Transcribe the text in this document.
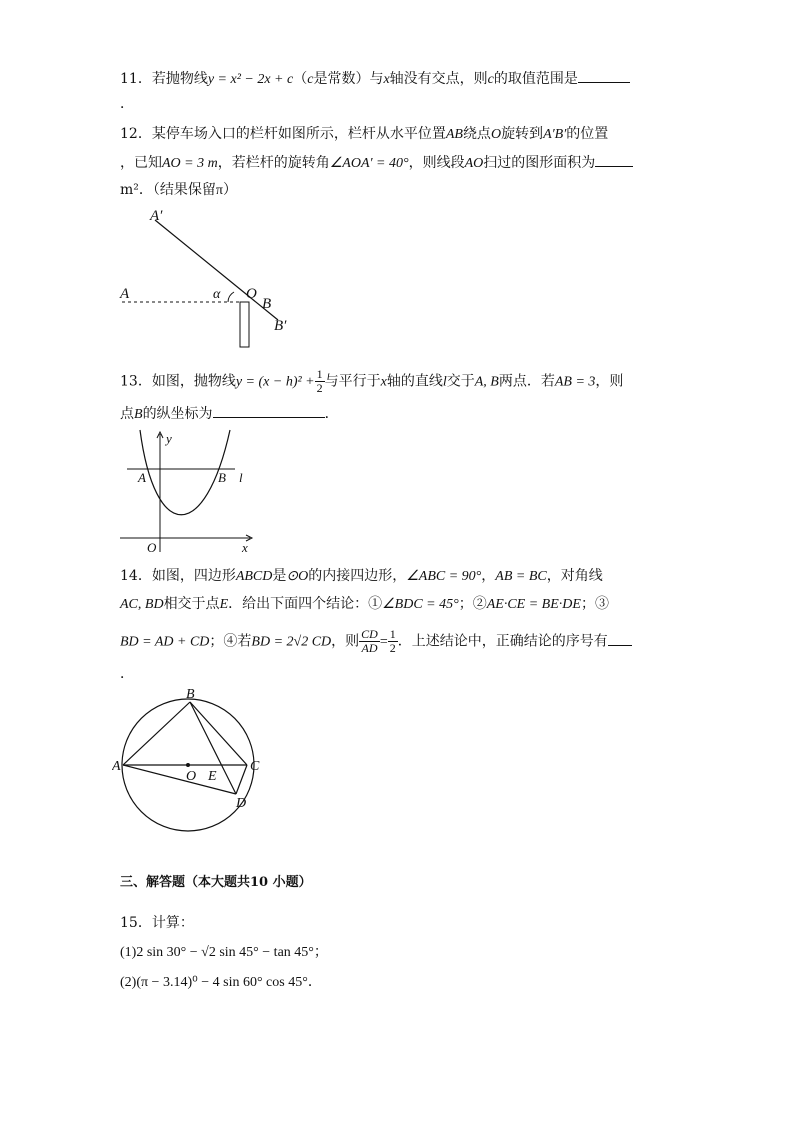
11．若抛物线y = x² − 2x + c（c是常数）与x轴没有交点，则c的取值范围是
．
12．某停车场入口的栏杆如图所示，栏杆从水平位置AB绕点O旋转到A′B′的位置
，已知AO = 3 m，若栏杆的旋转角∠AOA′ = 40°，则线段AO扫过的图形面积为
m²．（结果保留π）
A′
A	α O
B
B′
13．如图，抛物线$y = (x - h)^2 + \frac{1}{2}$ 与平行于x轴的直线l交于A, B两点．若AB = 3，则
点B的纵坐标为	．
y
A	B l
O	x
14．如图，四边形ABCD是⊙O的内接四边形，∠ABC = 90°，AB = BC，对角线
AC, BD相交于点E．给出下面四个结论：①∠BDC = 45°；②AE·CE = BE·DE；③
BD = AD + CD；④若BD = 2√2 CD，则 $\frac{CD}{AD} = \frac{1}{2}$ ．上述结论中，正确结论的序号有
．
A
B
C
D
O E
三、解答题（本大题共10 小题）
15．计算：
(1)2 sin 30° − √2 sin 45° − tan 45°；
(2)(π − 3.14)⁰ − 4 sin 60° cos 45°．
